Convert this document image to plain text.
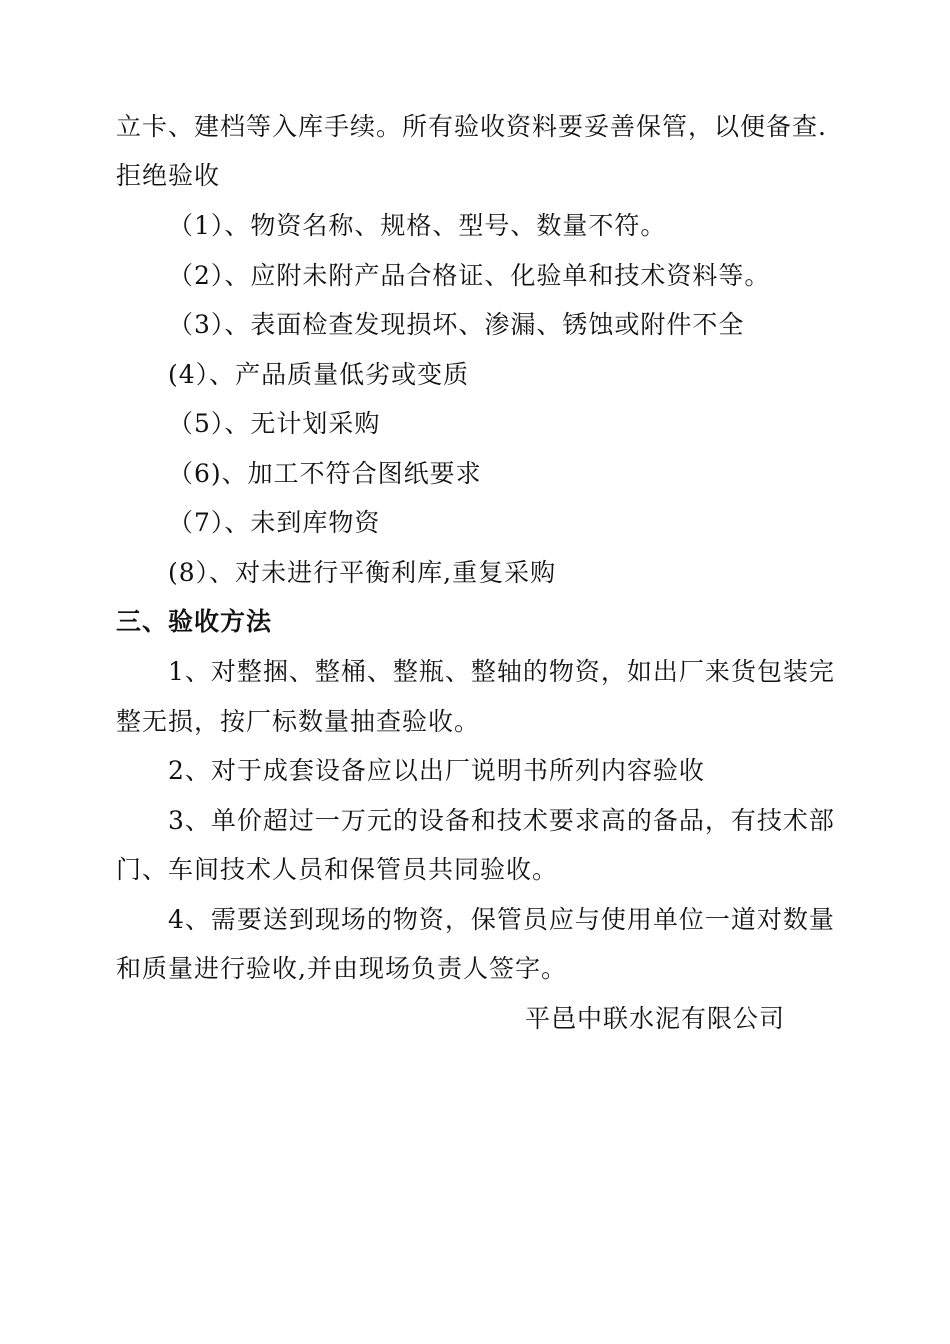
立卡、建档等入库手续。所有验收资料要妥善保管，以便备查.
拒绝验收
（1）、物资名称、规格、型号、数量不符。
（2）、应附未附产品合格证、化验单和技术资料等。
（3）、表面检查发现损坏、渗漏、锈蚀或附件不全
(4）、产品质量低劣或变质
（5）、无计划采购
（6)、加工不符合图纸要求
（7）、未到库物资
(8）、对未进行平衡利库,重复采购
三、验收方法
1、对整捆、整桶、整瓶、整轴的物资，如出厂来货包装完
整无损，按厂标数量抽查验收。
2、对于成套设备应以出厂说明书所列内容验收
3、单价超过一万元的设备和技术要求高的备品，有技术部
门、车间技术人员和保管员共同验收。
4、需要送到现场的物资，保管员应与使用单位一道对数量
和质量进行验收,并由现场负责人签字。
平邑中联水泥有限公司
